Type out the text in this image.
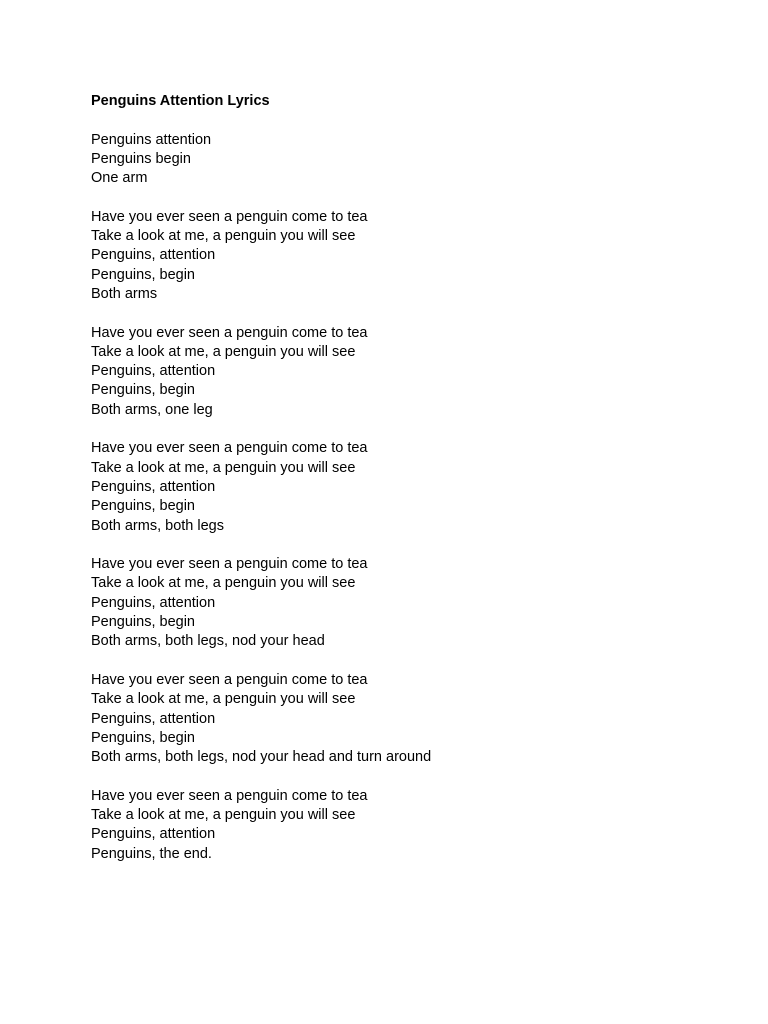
Penguins Attention Lyrics
Penguins attention
Penguins begin
One arm
Have you ever seen a penguin come to tea
Take a look at me, a penguin you will see
Penguins, attention
Penguins, begin
Both arms
Have you ever seen a penguin come to tea
Take a look at me, a penguin you will see
Penguins, attention
Penguins, begin
Both arms, one leg
Have you ever seen a penguin come to tea
Take a look at me, a penguin you will see
Penguins, attention
Penguins, begin
Both arms, both legs
Have you ever seen a penguin come to tea
Take a look at me, a penguin you will see
Penguins, attention
Penguins, begin
Both arms, both legs, nod your head
Have you ever seen a penguin come to tea
Take a look at me, a penguin you will see
Penguins, attention
Penguins, begin
Both arms, both legs, nod your head and turn around
Have you ever seen a penguin come to tea
Take a look at me, a penguin you will see
Penguins, attention
Penguins, the end.
